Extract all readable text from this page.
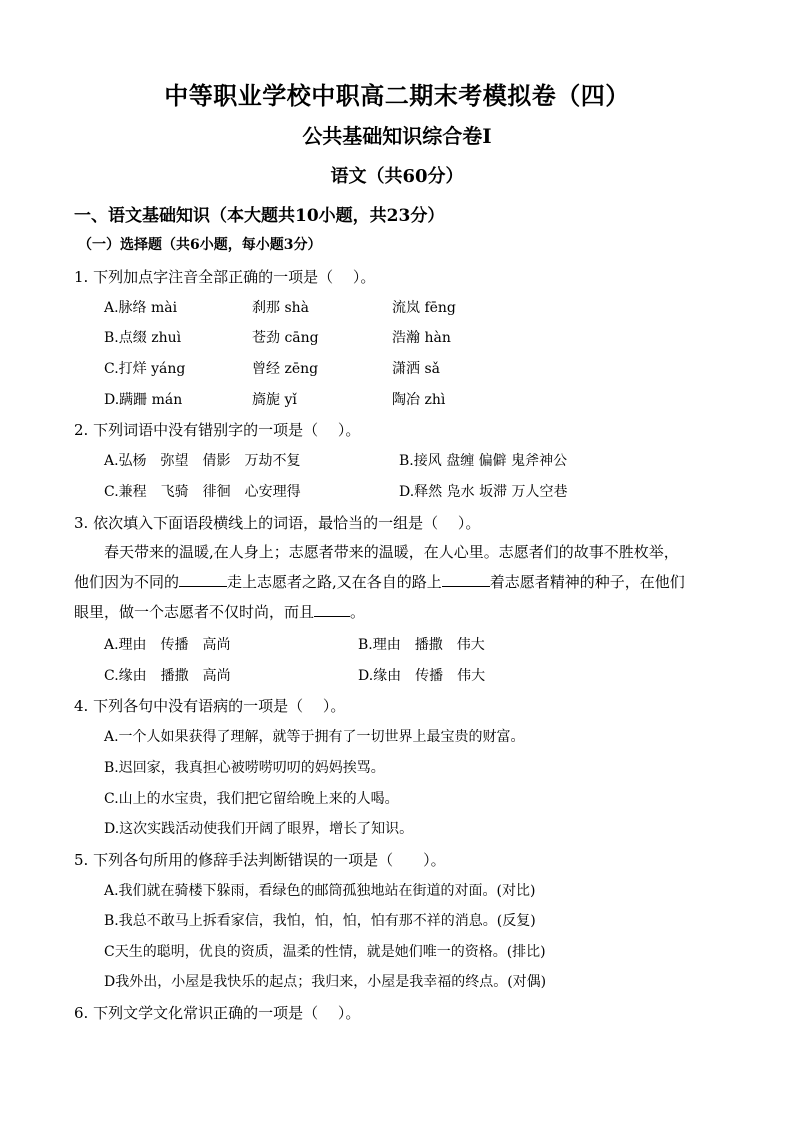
中等职业学校中职高二期末考模拟卷（四）
公共基础知识综合卷Ⅰ
语文（共60分）
一、语文基础知识（本大题共10小题，共23分）
（一）选择题（共6小题，每小题3分）
1. 下列加点字注音全部正确的一项是（　 ）。
A.脉络 mài	刹那 shà	流岚 fēng
B.点缀 zhuì	苍劲 cāng	浩瀚 hàn
C.打烊 yáng	曾经 zēng	潇洒 sǎ
D.蹒跚 mán	旖旎 yǐ	陶冶 zhì
2. 下列词语中没有错别字的一项是（　 ）。
A.弘杨　弥望　倩影　万劫不复	B.接风 盘缠 偏僻 鬼斧神公
C.兼程　飞骑　徘徊　心安理得	D.释然 凫水 坂滞 万人空巷
3. 依次填入下面语段横线上的词语，最恰当的一组是（　 ）。
春天带来的温暖,在人身上；志愿者带来的温暖，在人心里。志愿者们的故事不胜枚举，
他们因为不同的	走上志愿者之路,又在各自的路上	着志愿者精神的种子，在他们
眼里，做一个志愿者不仅时尚，而且 。
A.理由　传播　高尚	B.理由　播撒　伟大
C.缘由　播撒　高尚	D.缘由　传播　伟大
4. 下列各句中没有语病的一项是（　 ）。
A.一个人如果获得了理解，就等于拥有了一切世界上最宝贵的财富。
B.迟回家，我真担心被唠唠叨叨的妈妈挨骂。
C.山上的水宝贵，我们把它留给晚上来的人喝。
D.这次实践活动使我们开阔了眼界，增长了知识。
5. 下列各句所用的修辞手法判断错误的一项是（　　）。
A.我们就在骑楼下躲雨，看绿色的邮筒孤独地站在街道的对面。(对比)
B.我总不敢马上拆看家信，我怕，怕，怕，怕有那不祥的消息。(反复)
C天生的聪明，优良的资质，温柔的性情，就是她们唯一的资格。(排比)
D我外出，小屋是我快乐的起点；我归来，小屋是我幸福的终点。(对偶)
6. 下列文学文化常识正确的一项是（　 ）。
